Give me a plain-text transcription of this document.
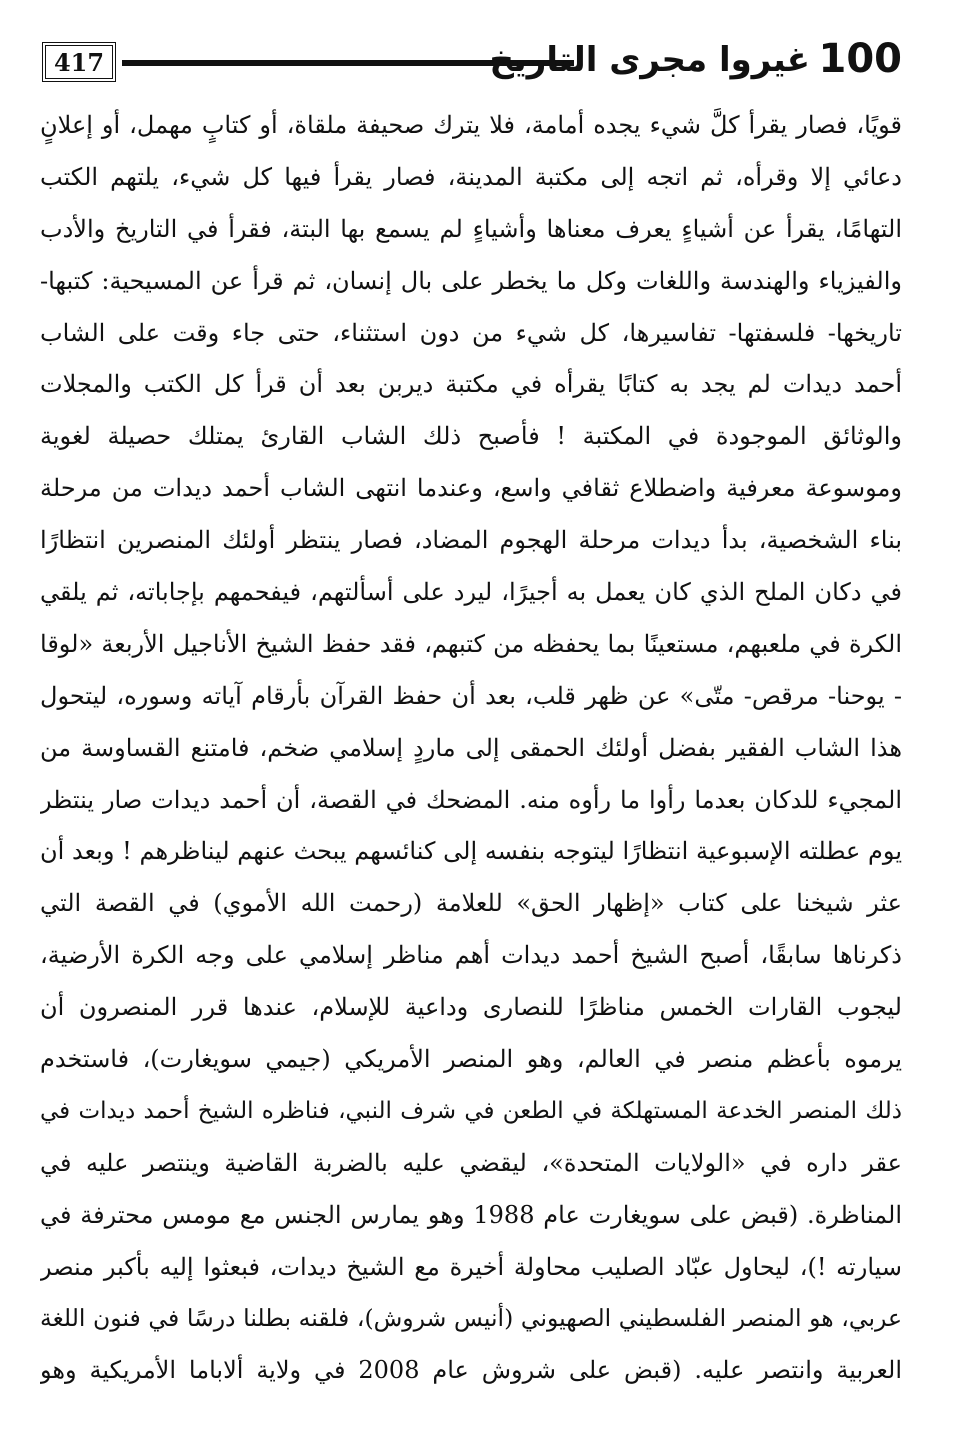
417	غيروا مجرى التاريخ 100
قويًا، فصار يقرأ كلَّ شيء يجده أمامة، فلا يترك صحيفة ملقاة، أو كتابٍ مهمل، أو إعلانٍ
دعائي إلا وقرأه، ثم اتجه إلى مكتبة المدينة، فصار يقرأ فيها كل شيء، يلتهم الكتب
التهامًا، يقرأ عن أشياءٍ يعرف معناها وأشياءٍ لم يسمع بها البتة، فقرأ في التاريخ والأدب
والفيزياء والهندسة واللغات وكل ما يخطر على بال إنسان، ثم قرأ عن المسيحية: كتبها-
تاريخها- فلسفتها- تفاسيرها، كل شيء من دون استثناء، حتى جاء وقت على الشاب
أحمد ديدات لم يجد به كتابًا يقرأه في مكتبة ديربن بعد أن قرأ كل الكتب والمجلات
والوثائق الموجودة في المكتبة ! فأصبح ذلك الشاب القارئ يمتلك حصيلة لغوية
وموسوعة معرفية واضطلاع ثقافي واسع، وعندما انتهى الشاب أحمد ديدات من مرحلة
بناء الشخصية، بدأ ديدات مرحلة الهجوم المضاد، فصار ينتظر أولئك المنصرين انتظارًا
في دكان الملح الذي كان يعمل به أجيرًا، ليرد على أسألتهم، فيفحمهم بإجاباته، ثم يلقي
الكرة في ملعبهم، مستعينًا بما يحفظه من كتبهم، فقد حفظ الشيخ الأناجيل الأربعة «لوقا
- يوحنا- مرقص- متّى» عن ظهر قلب، بعد أن حفظ القرآن بأرقام آياته وسوره، ليتحول
هذا الشاب الفقير بفضل أولئك الحمقى إلى ماردٍ إسلامي ضخم، فامتنع القساوسة من
المجيء للدكان بعدما رأوا ما رأوه منه. المضحك في القصة، أن أحمد ديدات صار ينتظر
يوم عطلته الإسبوعية انتظارًا ليتوجه بنفسه إلى كنائسهم يبحث عنهم ليناظرهم ! وبعد أن
عثر شيخنا على كتاب «إظهار الحق» للعلامة (رحمت الله الأموي) في القصة التي
ذكرناها سابقًا، أصبح الشيخ أحمد ديدات أهم مناظر إسلامي على وجه الكرة الأرضية،
ليجوب القارات الخمس مناظرًا للنصارى وداعية للإسلام، عندها قرر المنصرون أن
يرموه بأعظم منصر في العالم، وهو المنصر الأمريكي (جيمي سويغارت)، فاستخدم
ذلك المنصر الخدعة المستهلكة في الطعن في شرف النبي، فناظره الشيخ أحمد ديدات في
عقر داره في «الولايات المتحدة»، ليقضي عليه بالضربة القاضية وينتصر عليه في
المناظرة. (قبض على سويغارت عام 1988 وهو يمارس الجنس مع مومس محترفة في
سيارته !)، ليحاول عبّاد الصليب محاولة أخيرة مع الشيخ ديدات، فبعثوا إليه بأكبر منصر
عربي، هو المنصر الفلسطيني الصهيوني (أنيس شروش)، فلقنه بطلنا درسًا في فنون اللغة
العربية وانتصر عليه. (قبض على شروش عام 2008 في ولاية ألاباما الأمريكية وهو
